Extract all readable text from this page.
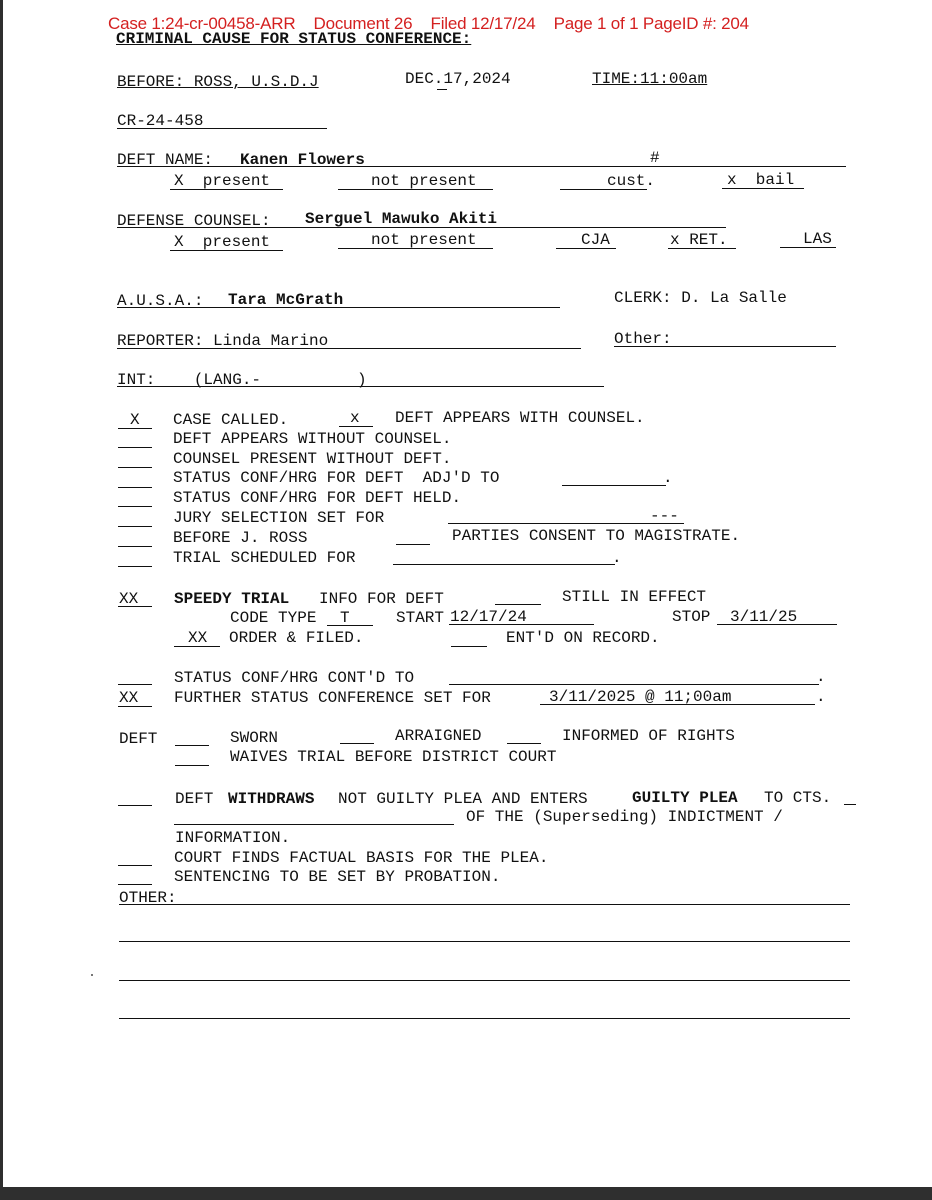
Case 1:24-cr-00458-ARR Document 26 Filed 12/17/24 Page 1 of 1 PageID #: 204
CRIMINAL CAUSE FOR STATUS CONFERENCE:
BEFORE: ROSS, U.S.D.J	DEC.17,2024	TIME:11:00am
CR-24-458
DEFT NAME: Kanen Flowers	#
X  present	not present	cust.	x  bail
DEFENSE COUNSEL: Serguel Mawuko Akiti
X  present	not present	CJA	x RET.	LAS
A.U.S.A.: Tara McGrath	CLERK: D. La Salle
REPORTER: Linda Marino	Other:
INT:    (LANG.-          )
X CASE CALLED.	x DEFT APPEARS WITH COUNSEL.
DEFT APPEARS WITHOUT COUNSEL.
COUNSEL PRESENT WITHOUT DEFT.
STATUS CONF/HRG FOR DEFT  ADJ'D TO	.
STATUS CONF/HRG FOR DEFT HELD.
JURY SELECTION SET FOR	---
BEFORE J. ROSS	PARTIES CONSENT TO MAGISTRATE.
TRIAL SCHEDULED FOR	.
XX SPEEDY TRIAL INFO FOR DEFT	STILL IN EFFECT
CODE TYPE T	START 12/17/24	STOP 3/11/25
XX ORDER & FILED.	ENT'D ON RECORD.
STATUS CONF/HRG CONT'D TO	.
XX FURTHER STATUS CONFERENCE SET FOR	3/11/2025 @ 11;00am	.
DEFT	SWORN	ARRAIGNED	INFORMED OF RIGHTS
WAIVES TRIAL BEFORE DISTRICT COURT
DEFT WITHDRAWS NOT GUILTY PLEA AND ENTERS	GUILTY PLEA TO CTS.
OF THE (Superseding) INDICTMENT /
INFORMATION.
COURT FINDS FACTUAL BASIS FOR THE PLEA.
SENTENCING TO BE SET BY PROBATION.
OTHER:
